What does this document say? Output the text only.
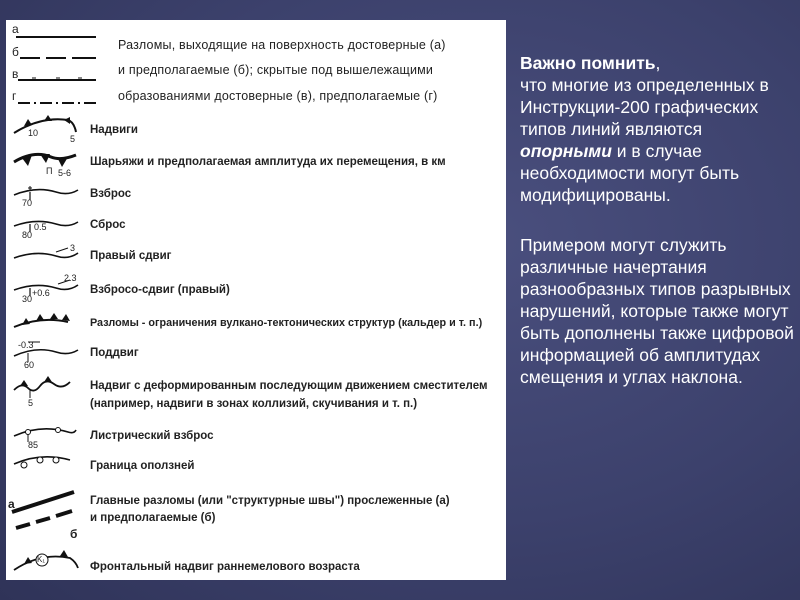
а
б
в
г
а
б
10
5
П 5-6
70
80
0.5
3
2.3
30
+0.6
-0.3
60
5
85
K₁
Разломы, выходящие на поверхность достоверные (а)
и предполагаемые (б); скрытые под вышележащими
образованиями достоверные (в), предполагаемые (г)
Надвиги
Шарьяжи и предполагаемая амплитуда их перемещения, в км
Взброс
Сброс
Правый сдвиг
Взбросо-сдвиг (правый)
Разломы - ограничения вулкано-тектонических структур (кальдер и т. п.)
Поддвиг
Надвиг с деформированным последующим движением сместителем
(например, надвиги в зонах коллизий, скучивания и т. п.)
Листрический взброс
Граница оползней
Главные разломы (или "структурные швы") прослеженные (а)
и предполагаемые (б)
Фронтальный надвиг раннемелового возраста

Важно помнить,
что многие из определенных в Инструкции-200 графических типов линий являются опорными и в случае необходимости могут быть модифицированы.

Примером могут служить различные начертания разнообразных типов разрывных нарушений, которые также могут быть дополнены также цифровой информацией об амплитудах смещения и углах наклона.
